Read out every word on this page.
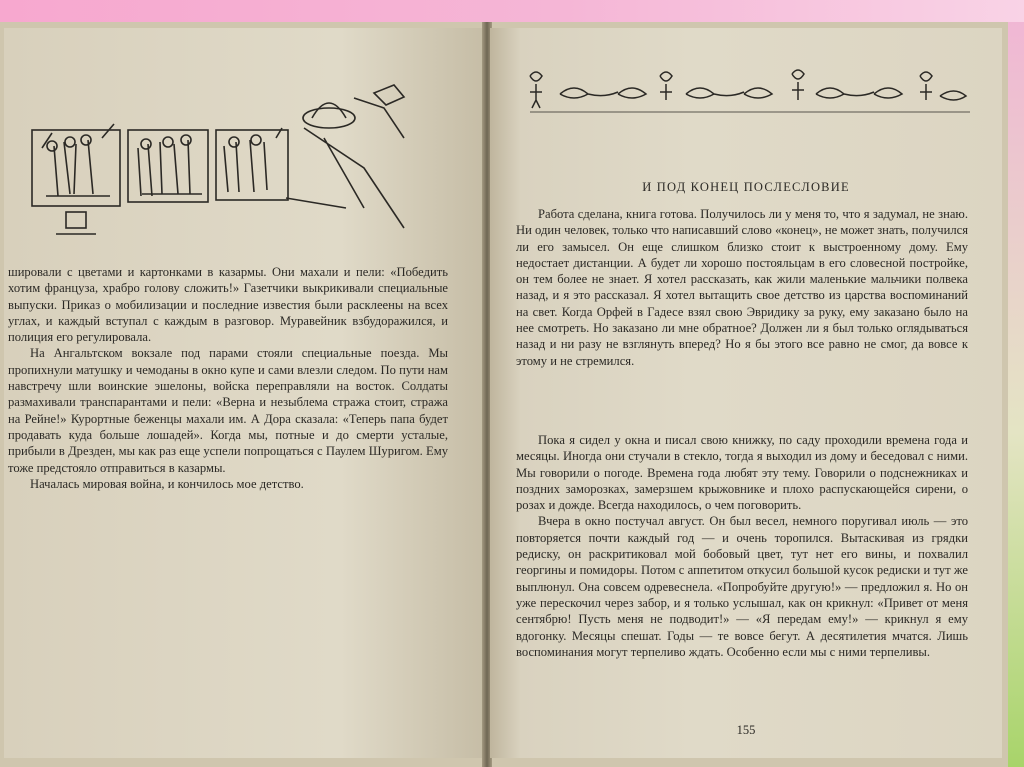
шировали с цветами и картонками в казармы. Они махали и пели: «Победить хотим француза, храбро голову сложить!» Газетчики выкрикивали специальные выпуски. Приказ о мобилизации и последние известия были расклеены на всех углах, и каждый вступал с каждым в разговор. Муравейник взбудоражился, и полиция его регулировала.

На Ангальтском вокзале под парами стояли специальные поезда. Мы пропихнули матушку и чемоданы в окно купе и сами влезли следом. По пути нам навстречу шли воинские эшелоны, войска переправляли на восток. Солдаты размахивали транспарантами и пели: «Верна и незыблема стража стоит, стража на Рейне!» Курортные беженцы махали им. А Дора сказала: «Теперь папа будет продавать куда больше лошадей». Когда мы, потные и до смерти усталые, прибыли в Дрезден, мы как раз еще успели попрощаться с Паулем Шуригом. Ему тоже предстояло отправиться в казармы.

Началась мировая война, и кончилось мое детство.

И ПОД КОНЕЦ ПОСЛЕСЛОВИЕ

Работа сделана, книга готова. Получилось ли у меня то, что я задумал, не знаю. Ни один человек, только что написавший слово «конец», не может знать, получился ли его замысел. Он еще слишком близко стоит к выстроенному дому. Ему недостает дистанции. А будет ли хорошо постояльцам в его словесной постройке, он тем более не знает. Я хотел рассказать, как жили маленькие мальчики полвека назад, и я это рассказал. Я хотел вытащить свое детство из царства воспоминаний на свет. Когда Орфей в Гадесе взял свою Эвридику за руку, ему заказано было на нее смотреть. Но заказано ли мне обратное? Должен ли я был только оглядываться назад и ни разу не взглянуть вперед? Но я бы этого все равно не смог, да вовсе к этому и не стремился.

Пока я сидел у окна и писал свою книжку, по саду проходили времена года и месяцы. Иногда они стучали в стекло, тогда я выходил из дому и беседовал с ними. Мы говорили о погоде. Времена года любят эту тему. Говорили о подснежниках и поздних заморозках, замерзшем крыжовнике и плохо распускающейся сирени, о розах и дожде. Всегда находилось, о чем поговорить.

Вчера в окно постучал август. Он был весел, немного поругивал июль — это повторяется почти каждый год — и очень торопился. Вытаскивая из грядки редиску, он раскритиковал мой бобовый цвет, тут нет его вины, и похвалил георгины и помидоры. Потом с аппетитом откусил большой кусок редиски и тут же выплюнул. Она совсем одревеснела. «Попробуйте другую!» — предложил я. Но он уже перескочил через забор, и я только услышал, как он крикнул: «Привет от меня сентябрю! Пусть меня не подводит!» — «Я передам ему!» — крикнул я ему вдогонку. Месяцы спешат. Годы — те вовсе бегут. А десятилетия мчатся. Лишь воспоминания могут терпеливо ждать. Особенно если мы с ними терпеливы.

155
